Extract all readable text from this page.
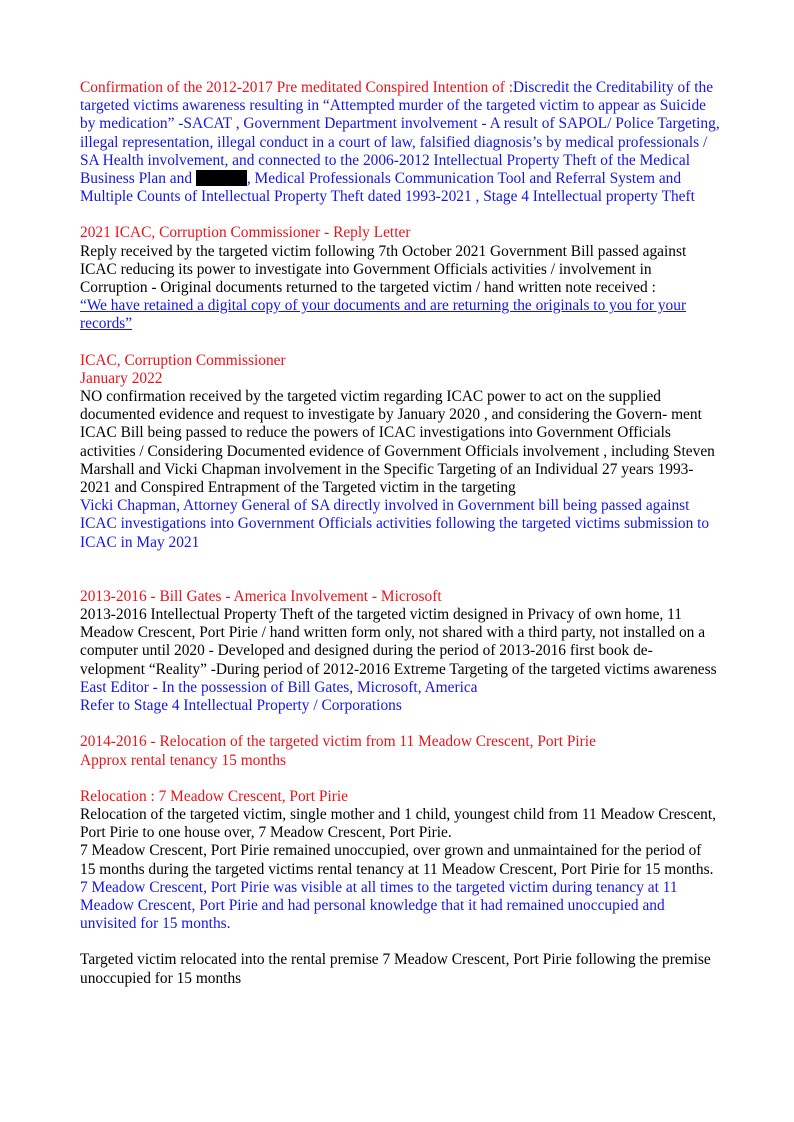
Confirmation of the 2012-2017 Pre meditated Conspired Intention of :Discredit the Creditability of the targeted victims awareness resulting in “Attempted murder of the targeted victim to appear as Suicide by medication” -SACAT , Government Department involvement - A result of SAPOL/ Police Targeting, illegal representation, illegal conduct in a court of law, falsified diagnosis’s by medical professionals / SA Health involvement, and connected to the 2006-2012 Intellectual Property Theft of the Medical Business Plan and	, Medical Professionals Communication Tool and Referral System and Multiple Counts of Intellectual Property Theft dated 1993-2021 , Stage 4 Intellectual property Theft

2021 ICAC, Corruption Commissioner - Reply Letter

Reply received by the targeted victim following 7th October 2021 Government Bill passed against ICAC reducing its power to investigate into Government Officials activities / involvement in Corruption - Original documents returned to the targeted victim / hand written note received :

“We have retained a digital copy of your documents and are returning the originals to you for your records”

ICAC, Corruption Commissioner

January 2022

NO confirmation received by the targeted victim regarding ICAC power to act on the supplied documented evidence and request to investigate by January 2020 , and considering the Govern- ment ICAC Bill being passed to reduce the powers of ICAC investigations into Government Officials activities / Considering Documented evidence of Government Officials involvement , including Steven Marshall and Vicki Chapman involvement in the Specific Targeting of an Individual 27 years 1993-2021 and Conspired Entrapment of the Targeted victim in the targeting

Vicki Chapman, Attorney General of SA directly involved in Government bill being passed against ICAC investigations into Government Officials activities following the targeted victims submission to ICAC in May 2021

2013-2016 - Bill Gates - America Involvement - Microsoft

2013-2016 Intellectual Property Theft of the targeted victim designed in Privacy of own home, 11 Meadow Crescent, Port Pirie / hand written form only, not shared with a third party, not installed on a computer until 2020 - Developed and designed during the period of 2013-2016 first book de- velopment “Reality” -During period of 2012-2016 Extreme Targeting of the targeted victims awareness

East Editor - In the possession of Bill Gates, Microsoft, America

Refer to Stage 4 Intellectual Property / Corporations

2014-2016 - Relocation of the targeted victim from 11 Meadow Crescent, Port Pirie

Approx rental tenancy 15 months

Relocation : 7 Meadow Crescent, Port Pirie

Relocation of the targeted victim, single mother and 1 child, youngest child from 11 Meadow Crescent, Port Pirie to one house over, 7 Meadow Crescent, Port Pirie.

7 Meadow Crescent, Port Pirie remained unoccupied, over grown and unmaintained for the period of 15 months during the targeted victims rental tenancy at 11 Meadow Crescent, Port Pirie for 15 months.

7 Meadow Crescent, Port Pirie was visible at all times to the targeted victim during tenancy at 11 Meadow Crescent, Port Pirie and had personal knowledge that it had remained unoccupied and unvisited for 15 months.

Targeted victim relocated into the rental premise 7 Meadow Crescent, Port Pirie following the premise unoccupied for 15 months
